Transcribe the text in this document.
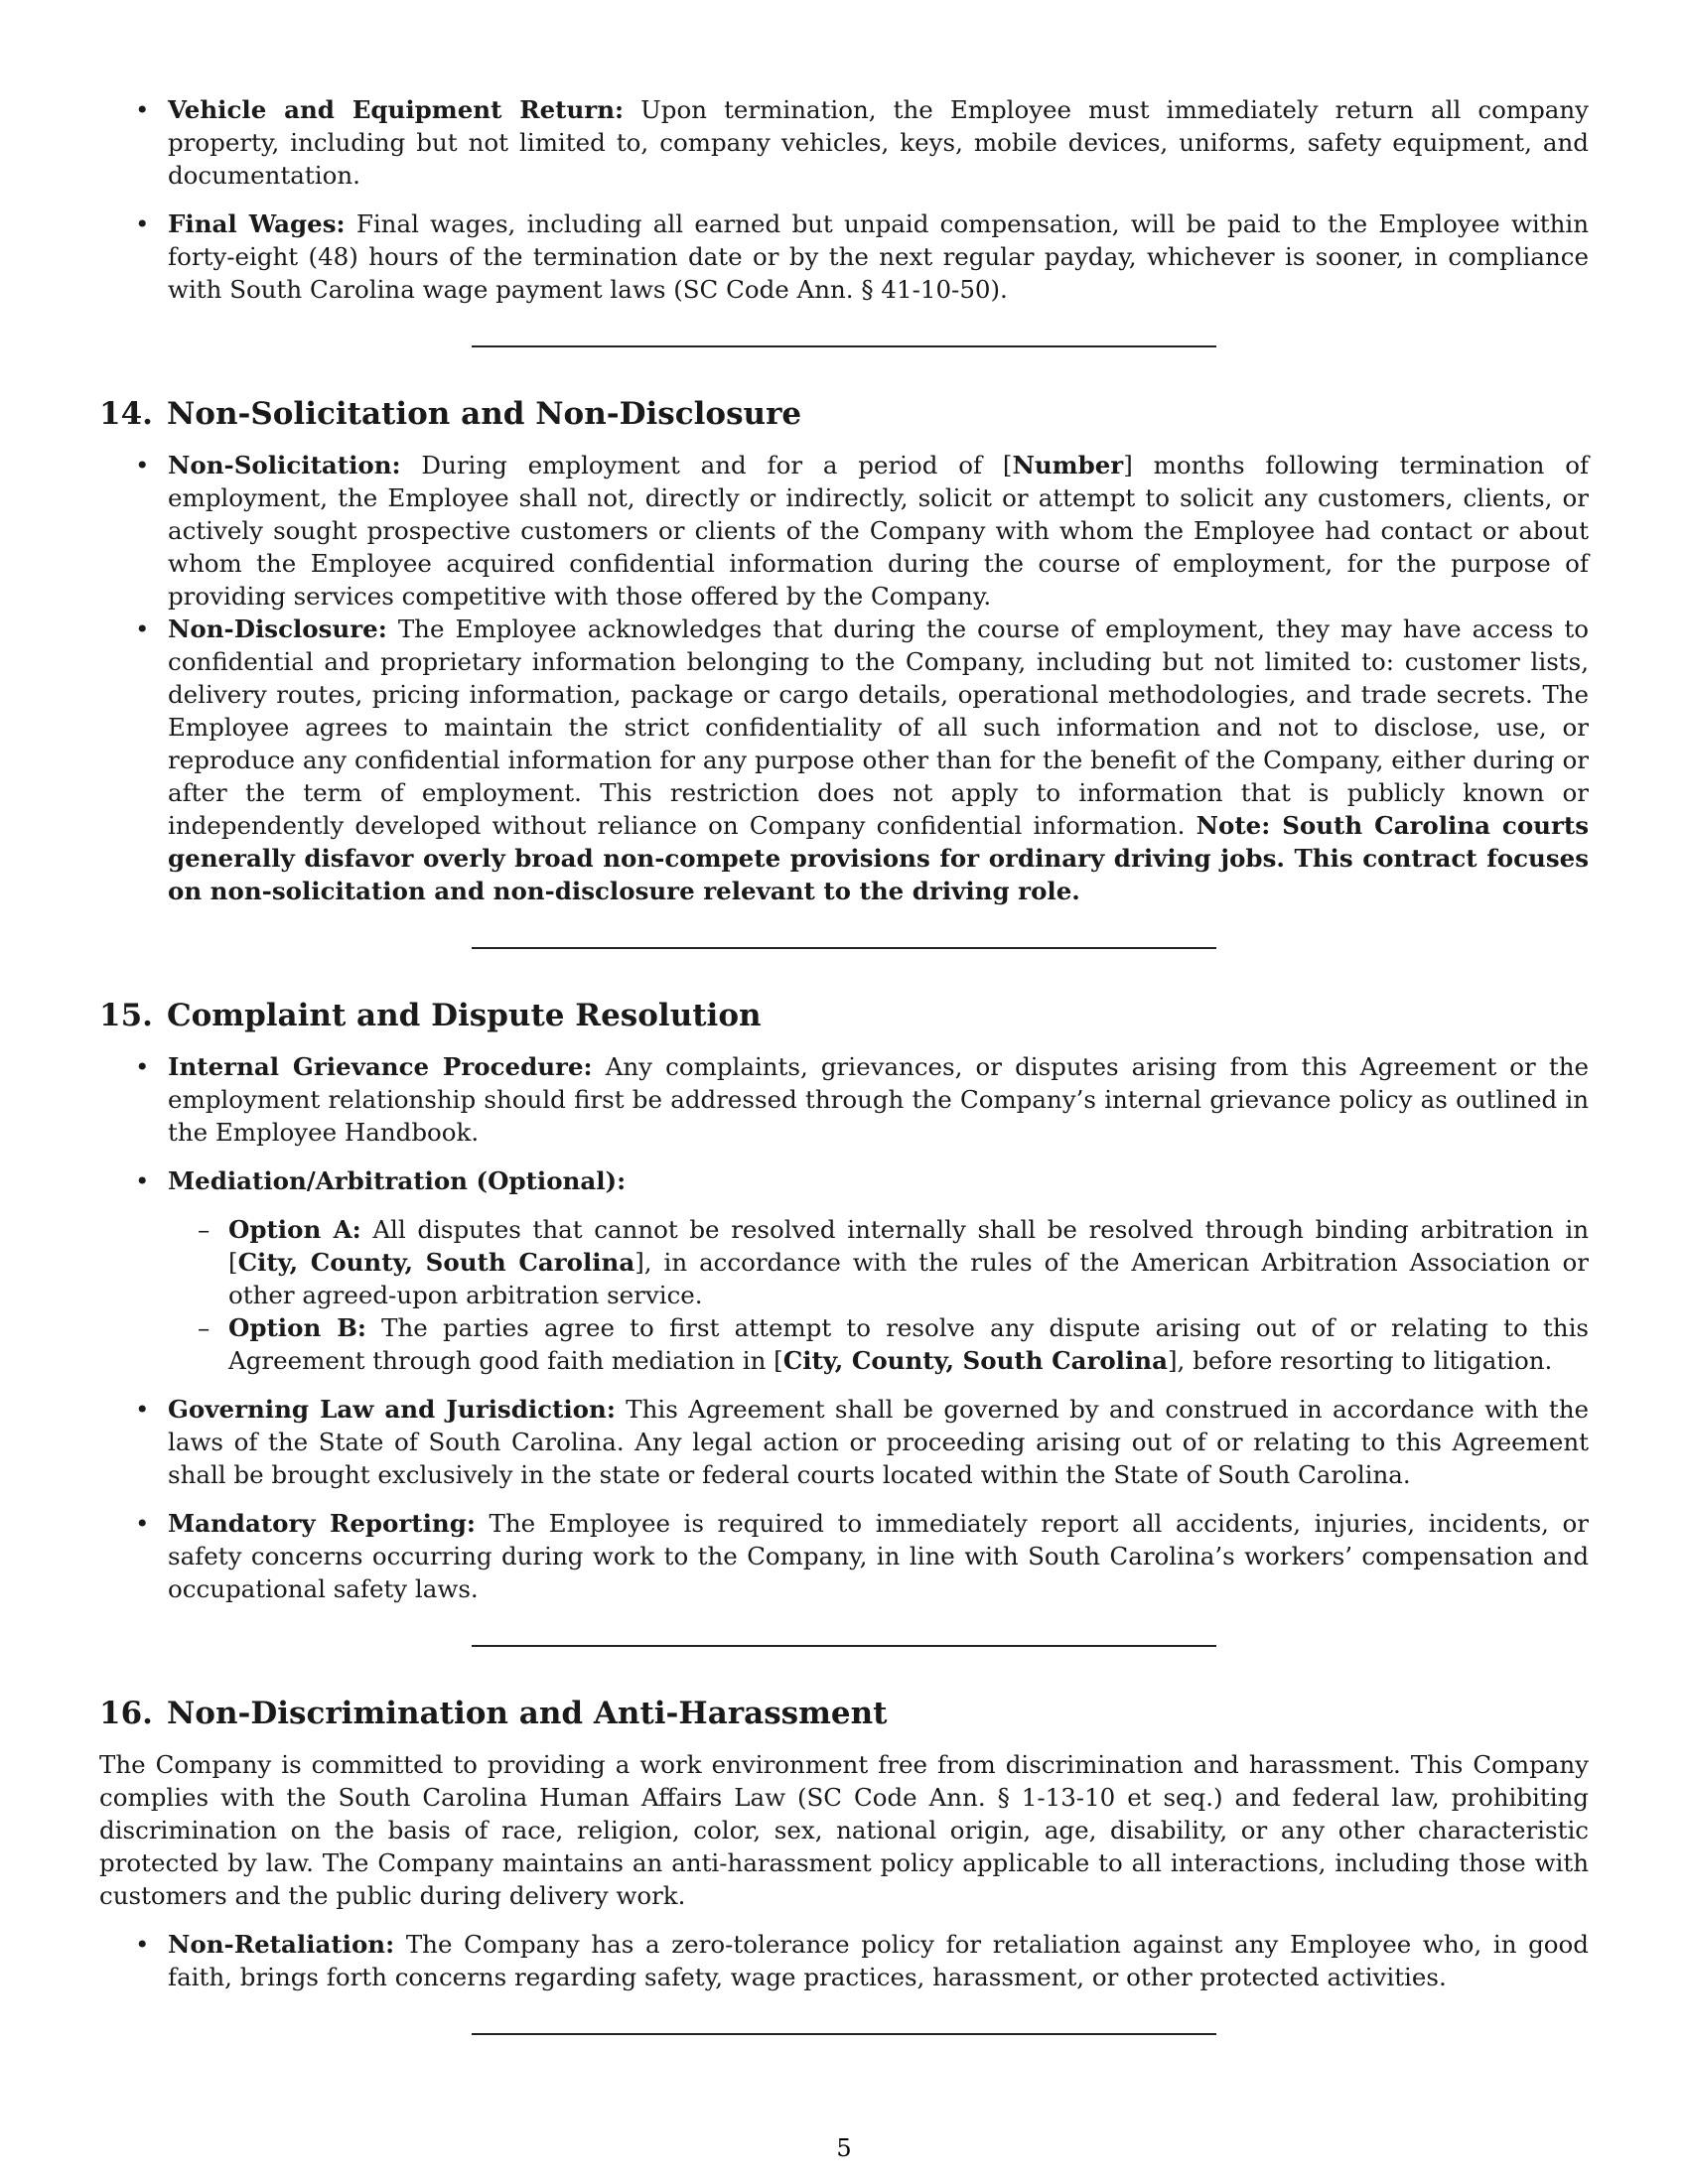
• Vehicle and Equipment Return: Upon termination, the Employee must immediately return all company property, including but not limited to, company vehicles, keys, mobile devices, uniforms, safety equipment, and documentation.
• Final Wages: Final wages, including all earned but unpaid compensation, will be paid to the Employee within forty-eight (48) hours of the termination date or by the next regular payday, whichever is sooner, in compliance with South Carolina wage payment laws (SC Code Ann. § 41-10-50).
14. Non-Solicitation and Non-Disclosure
• Non-Solicitation: During employment and for a period of [Number] months following termination of employment, the Employee shall not, directly or indirectly, solicit or attempt to solicit any customers, clients, or actively sought prospective customers or clients of the Company with whom the Employee had contact or about whom the Employee acquired confidential information during the course of employment, for the purpose of providing services competitive with those offered by the Company.
• Non-Disclosure: The Employee acknowledges that during the course of employment, they may have access to confidential and proprietary information belonging to the Company, including but not limited to: customer lists, delivery routes, pricing information, package or cargo details, operational methodologies, and trade secrets. The Employee agrees to maintain the strict confidentiality of all such information and not to disclose, use, or reproduce any confidential information for any purpose other than for the benefit of the Company, either during or after the term of employment. This restriction does not apply to information that is publicly known or independently developed without reliance on Company confidential information. Note: South Carolina courts generally disfavor overly broad non-compete provisions for ordinary driving jobs. This contract focuses on non-solicitation and non-disclosure relevant to the driving role.
15. Complaint and Dispute Resolution
• Internal Grievance Procedure: Any complaints, grievances, or disputes arising from this Agreement or the employment relationship should first be addressed through the Company’s internal grievance policy as outlined in the Employee Handbook.
• Mediation/Arbitration (Optional):
– Option A: All disputes that cannot be resolved internally shall be resolved through binding arbitration in [City, County, South Carolina], in accordance with the rules of the American Arbitration Association or other agreed-upon arbitration service.
– Option B: The parties agree to first attempt to resolve any dispute arising out of or relating to this Agreement through good faith mediation in [City, County, South Carolina], before resorting to litigation.
• Governing Law and Jurisdiction: This Agreement shall be governed by and construed in accordance with the laws of the State of South Carolina. Any legal action or proceeding arising out of or relating to this Agreement shall be brought exclusively in the state or federal courts located within the State of South Carolina.
• Mandatory Reporting: The Employee is required to immediately report all accidents, injuries, incidents, or safety concerns occurring during work to the Company, in line with South Carolina’s workers’ compensation and occupational safety laws.
16. Non-Discrimination and Anti-Harassment

The Company is committed to providing a work environment free from discrimination and harassment. This Company complies with the South Carolina Human Affairs Law (SC Code Ann. § 1-13-10 et seq.) and federal law, prohibiting discrimination on the basis of race, religion, color, sex, national origin, age, disability, or any other characteristic protected by law. The Company maintains an anti-harassment policy applicable to all interactions, including those with customers and the public during delivery work.

• Non-Retaliation: The Company has a zero-tolerance policy for retaliation against any Employee who, in good faith, brings forth concerns regarding safety, wage practices, harassment, or other protected activities.
5
